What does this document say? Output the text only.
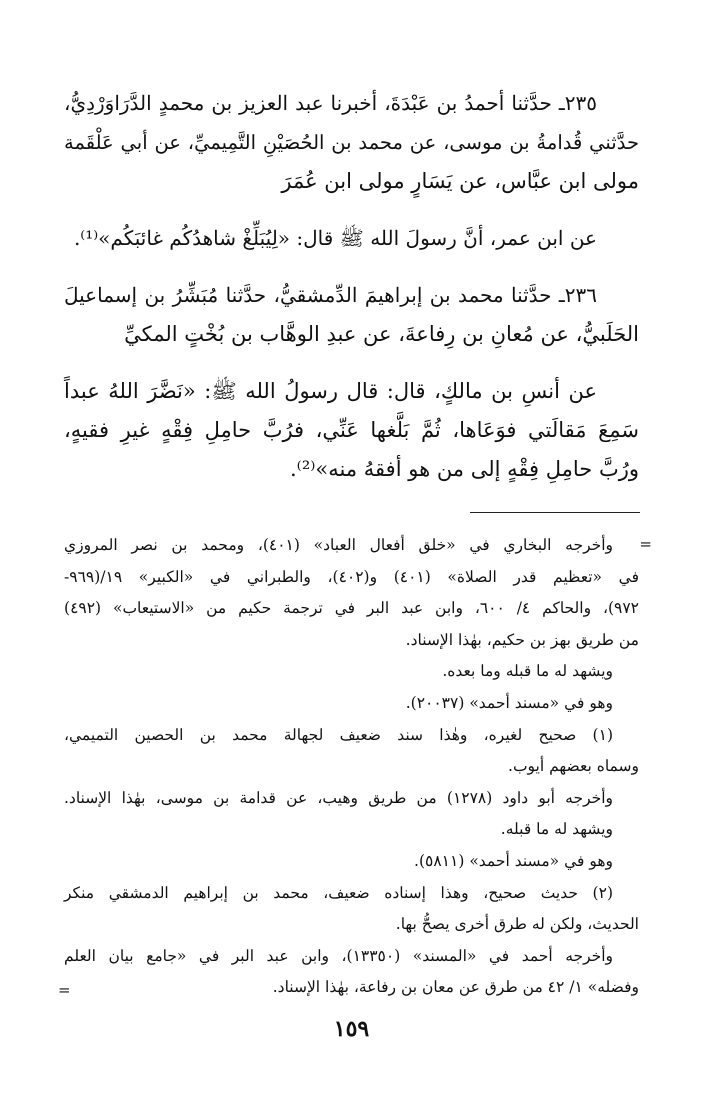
٢٣٥ـ حدَّثنا أحمدُ بن عَبْدَةَ، أخبرنا عبد العزيز بن محمدٍ الدَّرَاوَرْدِيُّ،
حدَّثني قُدامةُ بن موسى، عن محمد بن الحُصَيْنِ التَّمِيميِّ، عن أبي عَلْقَمة
مولى ابن عبَّاس، عن يَسَارٍ مولى ابن عُمَرَ
عن ابن عمر، أنَّ رسولَ الله ﷺ قال: «لِيُبَلِّغْ شاهدُكُم غائبَكُم»⁽¹⁾.
٢٣٦ـ حدَّثنا محمد بن إبراهيمَ الدِّمشقيُّ، حدَّثنا مُبَشِّرُ بن إسماعيلَ
الحَلَبيُّ، عن مُعانِ بن رِفاعةَ، عن عبدِ الوهَّاب بن بُخْتٍ المكيِّ
عن أنسِ بن مالكٍ، قال: قال رسولُ الله ﷺ: «نَضَّرَ اللهُ عبداً
سَمِعَ مَقالَتي فوَعَاها، ثُمَّ بَلَّغها عَنِّي، فرُبَّ حامِلِ فِقْهٍ غيرِ فقيهٍ،
ورُبَّ حامِلِ فِقْهٍ إلى من هو أفقهُ منه»⁽²⁾.
=
وأخرجه البخاري في «خلق أفعال العباد» (٤٠١)، ومحمد بن نصر المروزي
في «تعظيم قدر الصلاة» (٤٠١) و(٤٠٢)، والطبراني في «الكبير» ١٩/(٩٦٩-
٩٧٢)، والحاكم ٤/ ٦٠٠، وابن عبد البر في ترجمة حكيم من «الاستيعاب» (٤٩٢)
من طريق بهز بن حكيم، بهٰذا الإسناد.
ويشهد له ما قبله وما بعده.
وهو في «مسند أحمد» (٢٠٠٣٧).
(١) صحيح لغيره، وهٰذا سند ضعيف لجهالة محمد بن الحصين التميمي،
وسماه بعضهم أيوب.
وأخرجه أبو داود (١٢٧٨) من طريق وهيب، عن قدامة بن موسى، بهٰذا الإسناد.
ويشهد له ما قبله.
وهو في «مسند أحمد» (٥٨١١).
(٢) حديث صحيح، وهذا إسناده ضعيف، محمد بن إبراهيم الدمشقي منكر
الحديث، ولكن له طرق أخرى يصحُّ بها.
وأخرجه أحمد في «المسند» (١٣٣٥٠)، وابن عبد البر في «جامع بيان العلم
وفضله» ١/ ٤٢ من طرق عن معان بن رفاعة، بهٰذا الإسناد.
=
١٥٩
